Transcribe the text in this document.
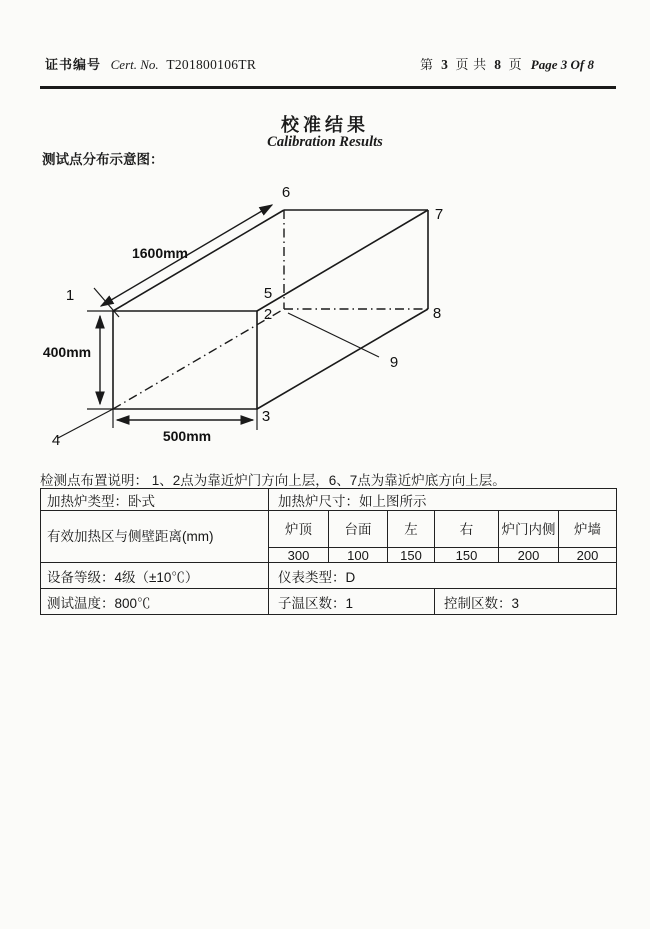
证书编号 Cert. No. T201800106TR	第 3 页 共 8 页 Page 3 Of 8
校准结果
Calibration Results
测试点分布示意图：
1
2
3
4
5
6
7
8
9
1600mm
400mm
500mm
检测点布置说明： 1、2点为靠近炉门方向上层，6、7点为靠近炉底方向上层。
加热炉类型：卧式	加热炉尺寸：如上图所示					
有效加热区与侧壁距离(mm)	炉顶	台面	左	右	炉门内侧	炉墙
	300	100	150	150	200	200
设备等级：4级（±10℃）	仪表类型：D					
测试温度：800℃	子温区数：1			控制区数：3		
